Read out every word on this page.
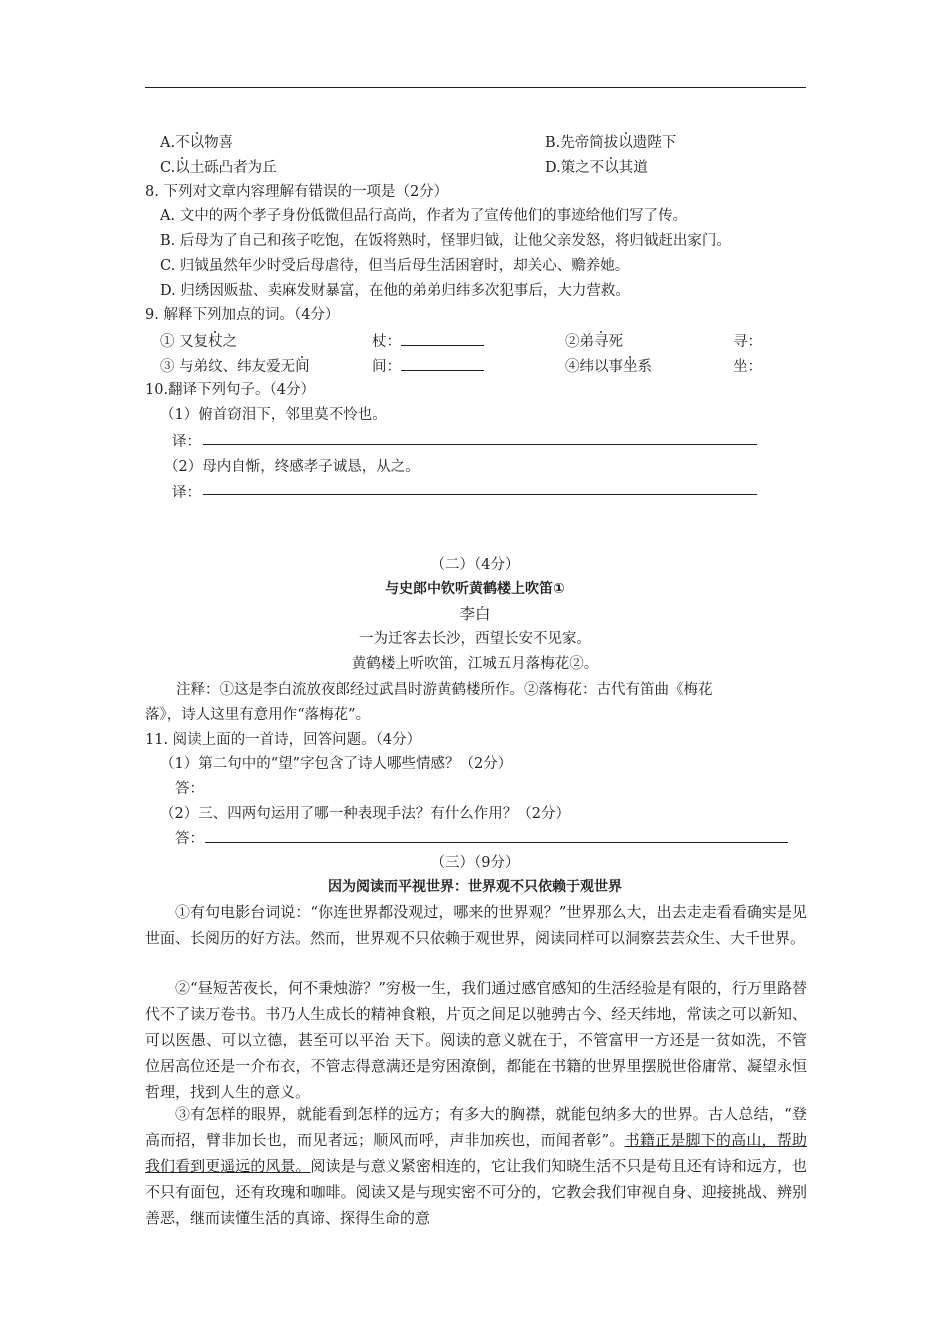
A.不以物喜	B.先帝简拔以遗陛下
C.以土砾凸者为丘	D.策之不以其道
8. 下列对文章内容理解有错误的一项是（2分）
A. 文中的两个孝子身份低微但品行高尚，作者为了宣传他们的事迹给他们写了传。
B. 后母为了自己和孩子吃饱，在饭将熟时，怪罪归钺，让他父亲发怒，将归钺赶出家门。
C. 归钺虽然年少时受后母虐待，但当后母生活困窘时，却关心、赡养她。
D. 归绣因贩盐、卖麻发财暴富，在他的弟弟归纬多次犯事后，大力营救。
9. 解释下列加点的词。（4分）
① 又复杖之	杖：	②弟寻死	寻：
③ 与弟纹、纬友爱无间	间：	④纬以事坐系	坐：
10.翻译下列句子。（4分）
（1）俯首窃泪下，邻里莫不怜也。
译：
（2）母内自惭，终感孝子诚恳，从之。
译：
（二）（4分）
与史郎中钦听黄鹤楼上吹笛①
李白
一为迁客去长沙，西望长安不见家。
黄鹤楼上听吹笛，江城五月落梅花②。
注释：①这是李白流放夜郎经过武昌时游黄鹤楼所作。②落梅花：古代有笛曲《梅花
落》，诗人这里有意用作“落梅花”。
11. 阅读上面的一首诗，回答问题。（4分）
（1）第二句中的“望”字包含了诗人哪些情感？（2分）
答：
（2）三、四两句运用了哪一种表现手法？有什么作用？（2分）
答：
（三）（9分）
因为阅读而平视世界：世界观不只依赖于观世界
①有句电影台词说：“你连世界都没观过，哪来的世界观？”世界那么大，出去走走看看确实是见世面、长阅历的好方法。然而，世界观不只依赖于观世界，阅读同样可以洞察芸芸众生、大千世界。
②“昼短苦夜长，何不秉烛游？”穷极一生，我们通过感官感知的生活经验是有限的，行万里路替代不了读万卷书。书乃人生成长的精神食粮，片页之间足以驰骋古今、经天纬地，常读之可以新知、可以医愚、可以立德，甚至可以平治 天下。阅读的意义就在于，不管富甲一方还是一贫如洗，不管位居高位还是一介布衣，不管志得意满还是穷困潦倒，都能在书籍的世界里摆脱世俗庸常、凝望永恒哲理，找到人生的意义。
③有怎样的眼界，就能看到怎样的远方；有多大的胸襟，就能包纳多大的世界。古人总结，“登高而招，臂非加长也，而见者远；顺风而呼，声非加疾也，而闻者彰”。书籍正是脚下的高山，帮助我们看到更遥远的风景。阅读是与意义紧密相连的，它让我们知晓生活不只是苟且还有诗和远方，也不只有面包，还有玫瑰和咖啡。阅读又是与现实密不可分的，它教会我们审视自身、迎接挑战、辨别善恶，继而读懂生活的真谛、探得生命的意
